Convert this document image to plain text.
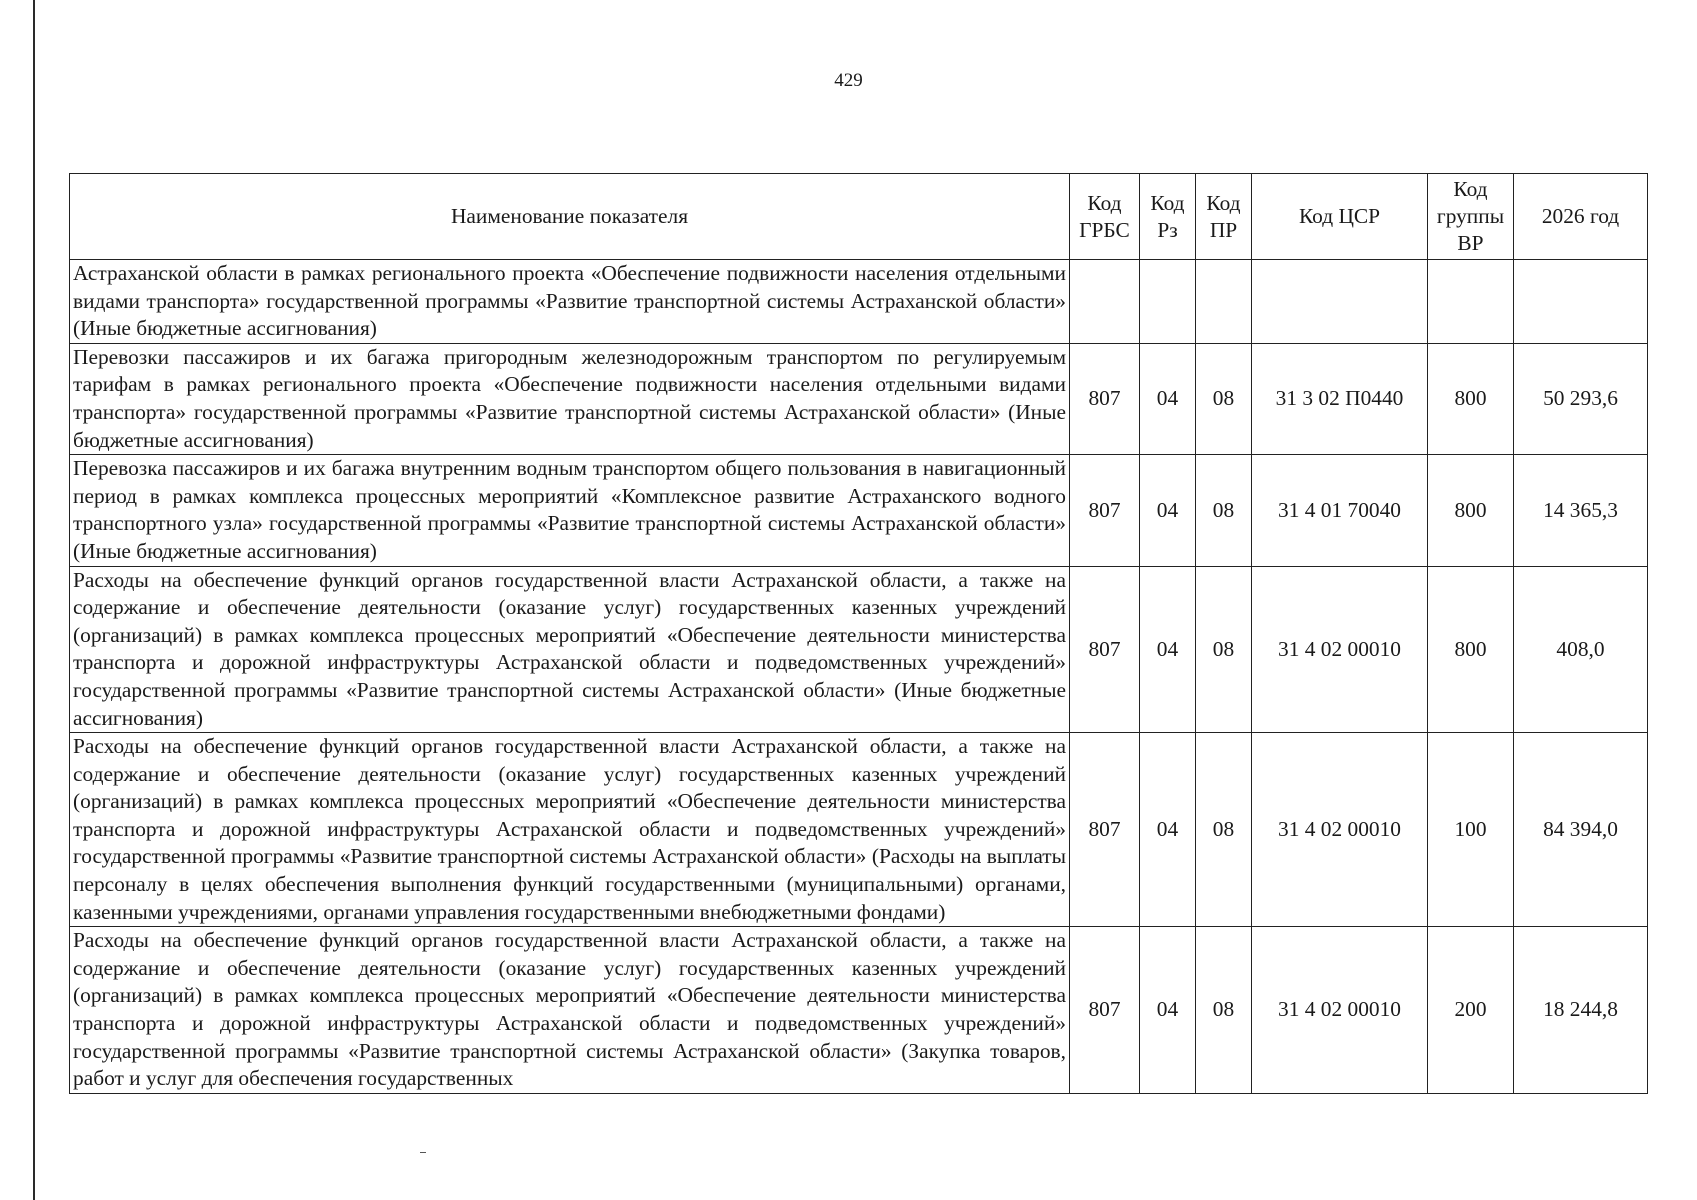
429
Наименование показателя	Код ГРБС	Код Рз	Код ПР	Код ЦСР	Код группы ВР	2026 год
Астраханской области в рамках регионального проекта «Обеспечение подвижности населения отдельными видами транспорта» государственной программы «Развитие транспортной системы Астраханской области» (Иные бюджетные ассигнования)						
Перевозки пассажиров и их багажа пригородным железнодорожным транспортом по регулируемым тарифам в рамках регионального проекта «Обеспечение подвижности населения отдельными видами транспорта» государственной программы «Развитие транспортной системы Астраханской области» (Иные бюджетные ассигнования)	807	04	08	31 3 02 П0440	800	50 293,6
Перевозка пассажиров и их багажа внутренним водным транспортом общего пользования в навигационный период в рамках комплекса процессных мероприятий «Комплексное развитие Астраханского водного транспортного узла» государственной программы «Развитие транспортной системы Астраханской области» (Иные бюджетные ассигнования)	807	04	08	31 4 01 70040	800	14 365,3
Расходы на обеспечение функций органов государственной власти Астраханской области, а также на содержание и обеспечение деятельности (оказание услуг) государственных казенных учреждений (организаций) в рамках комплекса процессных мероприятий «Обеспечение деятельности министерства транспорта и дорожной инфраструктуры Астраханской области и подведомственных учреждений» государственной программы «Развитие транспортной системы Астраханской области» (Иные бюджетные ассигнования)	807	04	08	31 4 02 00010	800	408,0
Расходы на обеспечение функций органов государственной власти Астраханской области, а также на содержание и обеспечение деятельности (оказание услуг) государственных казенных учреждений (организаций) в рамках комплекса процессных мероприятий «Обеспечение деятельности министерства транспорта и дорожной инфраструктуры Астраханской области и подведомственных учреждений» государственной программы «Развитие транспортной системы Астраханской области» (Расходы на выплаты персоналу в целях обеспечения выполнения функций государственными (муниципальными) органами, казенными учреждениями, органами управления государственными внебюджетными фондами)	807	04	08	31 4 02 00010	100	84 394,0
Расходы на обеспечение функций органов государственной власти Астраханской области, а также на содержание и обеспечение деятельности (оказание услуг) государственных казенных учреждений (организаций) в рамках комплекса процессных мероприятий «Обеспечение деятельности министерства транспорта и дорожной инфраструктуры Астраханской области и подведомственных учреждений» государственной программы «Развитие транспортной системы Астраханской области» (Закупка товаров, работ и услуг для обеспечения государственных	807	04	08	31 4 02 00010	200	18 244,8
